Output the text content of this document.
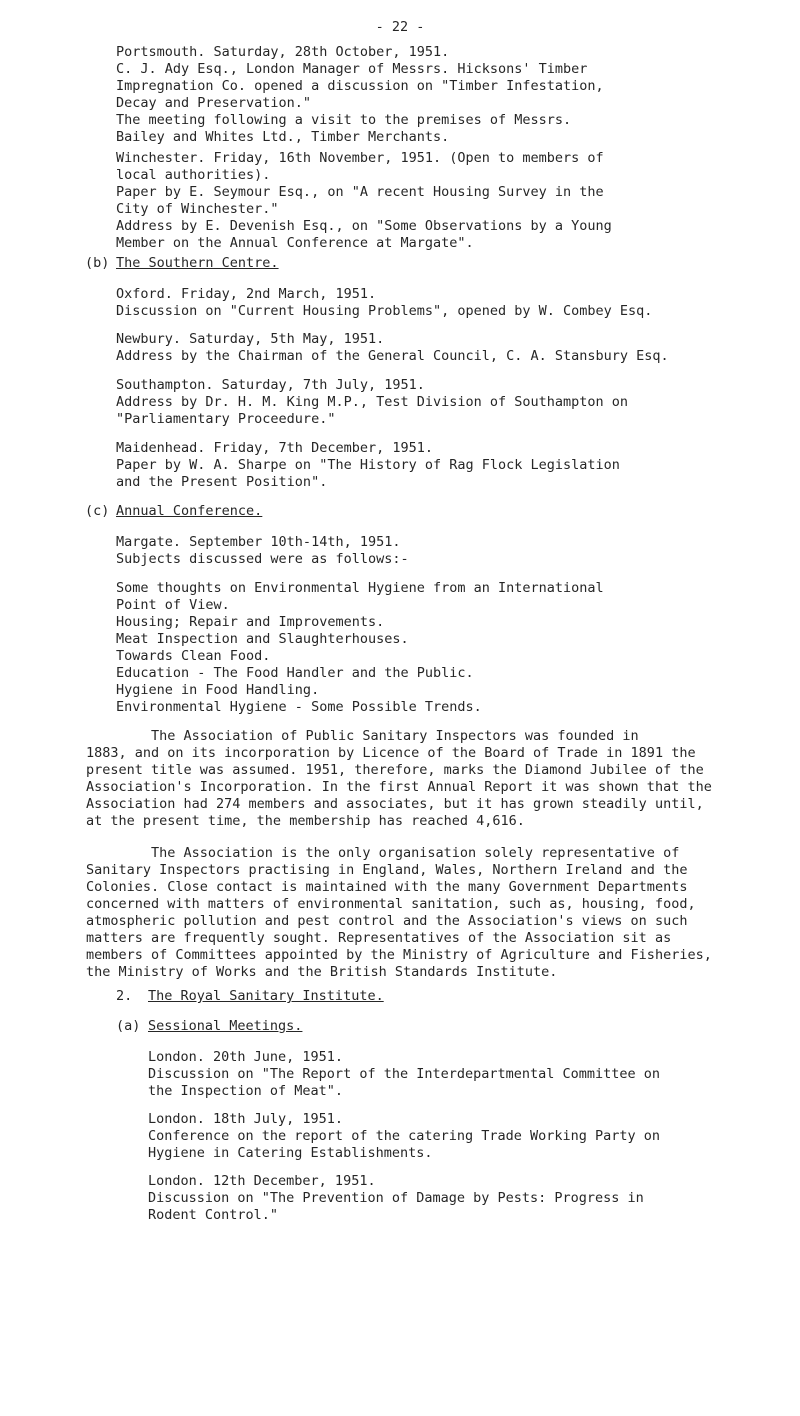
- 22 -

Portsmouth. Saturday, 28th October, 1951.

C. J. Ady Esq., London Manager of Messrs. Hicksons' Timber

Impregnation Co. opened a discussion on "Timber Infestation,

Decay and Preservation."

The meeting following a visit to the premises of Messrs.

Bailey and Whites Ltd., Timber Merchants.

Winchester. Friday, 16th November, 1951. (Open to members of

local authorities).

Paper by E. Seymour Esq., on "A recent Housing Survey in the

City of Winchester."

Address by E. Devenish Esq., on "Some Observations by a Young

Member on the Annual Conference at Margate".

(b) The Southern Centre.

Oxford. Friday, 2nd March, 1951.

Discussion on "Current Housing Problems", opened by W. Combey Esq.

Newbury. Saturday, 5th May, 1951.

Address by the Chairman of the General Council, C. A. Stansbury Esq.

Southampton. Saturday, 7th July, 1951.

Address by Dr. H. M. King M.P., Test Division of Southampton on

"Parliamentary Proceedure."

Maidenhead. Friday, 7th December, 1951.

Paper by W. A. Sharpe on "The History of Rag Flock Legislation

and the Present Position".

(c) Annual Conference.

Margate. September 10th-14th, 1951.

Subjects discussed were as follows:-

Some thoughts on Environmental Hygiene from an International

Point of View.

Housing; Repair and Improvements.

Meat Inspection and Slaughterhouses.

Towards Clean Food.

Education - The Food Handler and the Public.

Hygiene in Food Handling.

Environmental Hygiene - Some Possible Trends.

The Association of Public Sanitary Inspectors was founded in

1883, and on its incorporation by Licence of the Board of Trade in 1891 the

present title was assumed. 1951, therefore, marks the Diamond Jubilee of the

Association's Incorporation. In the first Annual Report it was shown that the

Association had 274 members and associates, but it has grown steadily until,

at the present time, the membership has reached 4,616.

The Association is the only organisation solely representative of

Sanitary Inspectors practising in England, Wales, Northern Ireland and the

Colonies. Close contact is maintained with the many Government Departments

concerned with matters of environmental sanitation, such as, housing, food,

atmospheric pollution and pest control and the Association's views on such

matters are frequently sought. Representatives of the Association sit as

members of Committees appointed by the Ministry of Agriculture and Fisheries,

the Ministry of Works and the British Standards Institute.

2. The Royal Sanitary Institute.
(a) Sessional Meetings.

London. 20th June, 1951.

Discussion on "The Report of the Interdepartmental Committee on

the Inspection of Meat".

London. 18th July, 1951.

Conference on the report of the catering Trade Working Party on

Hygiene in Catering Establishments.

London. 12th December, 1951.

Discussion on "The Prevention of Damage by Pests: Progress in

Rodent Control."
